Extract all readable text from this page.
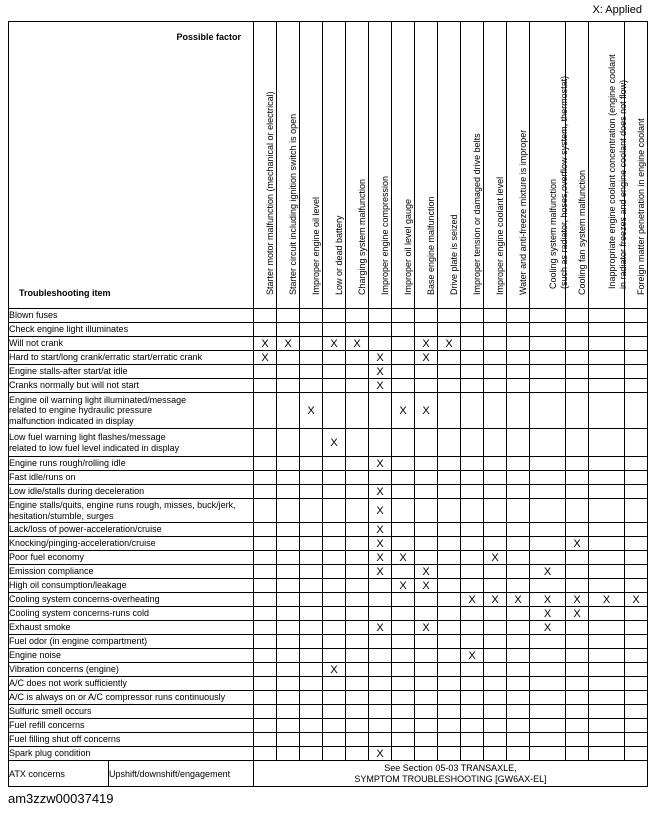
X: Applied
Possible factor
Troubleshooting item		Starter motor malfunction (mechanical or electrical)	Starter circuit including ignition switch is open	Improper engine oil level	Low or dead battery	Charging system malfunction	Improper engine compression	Improper oil level gauge	Base engine malfunction	Drive plate is seized	Improper tension or damaged drive belts	Improper engine coolant level	Water and anti-freeze mixture is improper	Cooling system malfunction
(such as radiator, hoses,overflow system, thermostat)	Cooling fan system malfunction	Inappropriate engine coolant concentration (engine coolant
in radiator freezes and engine coolant does not flow)	Foreign matter penetration in engine coolant

Blown fuses																	
Check engine light illuminates																	
Will not crank		X	X		X	X			X	X							
Hard to start/long crank/erratic start/erratic crank		X					X		X								
Engine stalls-after start/at idle							X										
Cranks normally but will not start							X										
Engine oil warning light illuminated/message
related to engine hydraulic pressure
malfunction indicated in display				X				X	X								
Low fuel warning light flashes/message
related to low fuel level indicated in display					X												
Engine runs rough/rolling idle							X										
Fast idle/runs on																	
Low idle/stalls during deceleration							X										
Engine stalls/quits, engine runs rough, misses, buck/jerk,
hesitation/stumble, surges							X										
Lack/loss of power-acceleration/cruise							X										
Knocking/pinging-acceleration/cruise							X								X		
Poor fuel economy							X	X				X					
Emission compliance							X		X					X			
High oil consumption/leakage								X	X								
Cooling system concerns-overheating											X	X	X	X	X	X	X
Cooling system concerns-runs cold														X	X		
Exhaust smoke							X		X					X			
Fuel odor (in engine compartment)																	
Engine noise											X						
Vibration concerns (engine)					X												
A/C does not work sufficiently																	
A/C is always on or A/C compressor runs continuously																	
Sulfuric smell occurs																	
Fuel refill concerns																	
Fuel filling shut off concerns																	
Spark plug condition							X										
ATX concerns	Upshift/downshift/engagement	See Section 05-03 TRANSAXLE,
SYMPTOM TROUBLESHOOTING [GW6AX-EL]															
am3zzw00037419
